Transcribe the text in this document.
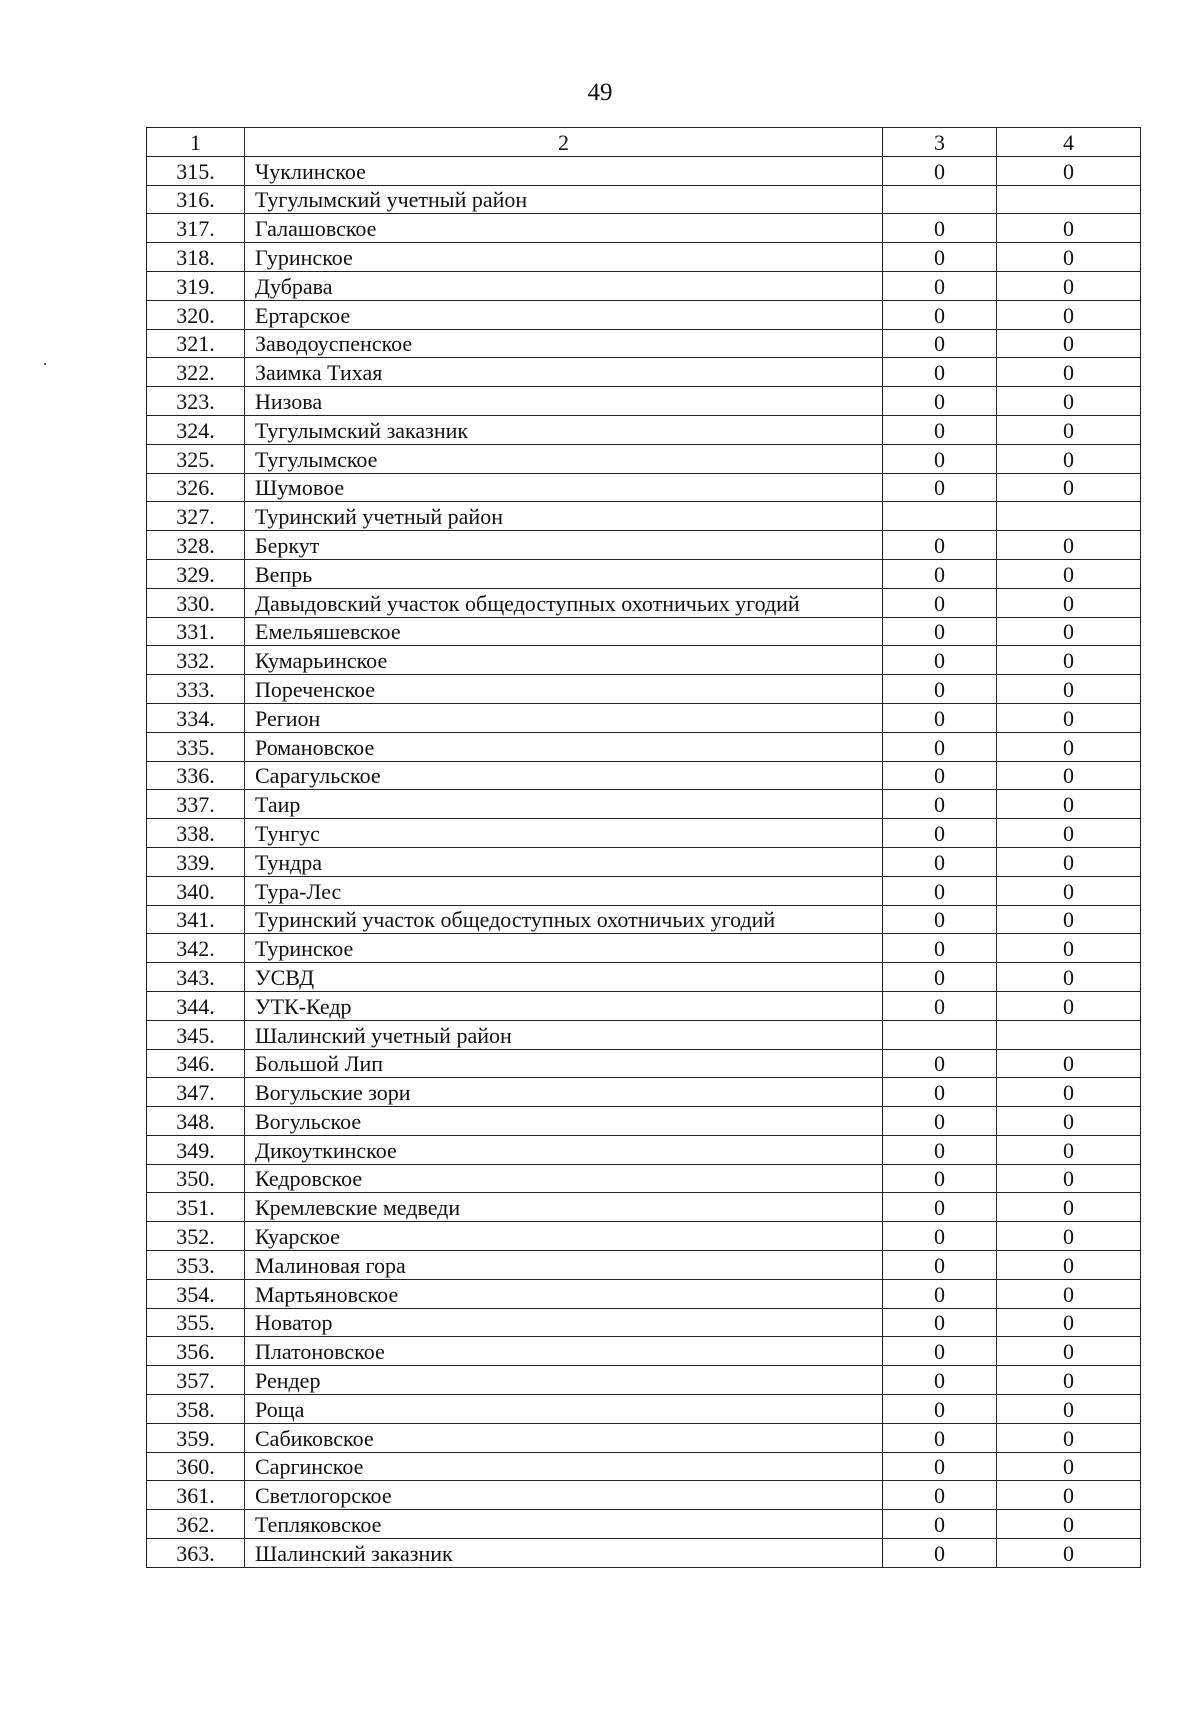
49
1	2	3	4
315.	Чуклинское	0	0
316.	Тугулымский учетный район		
317.	Галашовское	0	0
318.	Гуринское	0	0
319.	Дубрава	0	0
320.	Ертарское	0	0
321.	Заводоуспенское	0	0
322.	Заимка Тихая	0	0
323.	Низова	0	0
324.	Тугулымский заказник	0	0
325.	Тугулымское	0	0
326.	Шумовое	0	0
327.	Туринский учетный район		
328.	Беркут	0	0
329.	Вепрь	0	0
330.	Давыдовский участок общедоступных охотничьих угодий	0	0
331.	Емельяшевское	0	0
332.	Кумарьинское	0	0
333.	Пореченское	0	0
334.	Регион	0	0
335.	Романовское	0	0
336.	Сарагульское	0	0
337.	Таир	0	0
338.	Тунгус	0	0
339.	Тундра	0	0
340.	Тура-Лес	0	0
341.	Туринский участок общедоступных охотничьих угодий	0	0
342.	Туринское	0	0
343.	УСВД	0	0
344.	УТК-Кедр	0	0
345.	Шалинский учетный район		
346.	Большой Лип	0	0
347.	Вогульские зори	0	0
348.	Вогульское	0	0
349.	Дикоуткинское	0	0
350.	Кедровское	0	0
351.	Кремлевские медведи	0	0
352.	Куарское	0	0
353.	Малиновая гора	0	0
354.	Мартьяновское	0	0
355.	Новатор	0	0
356.	Платоновское	0	0
357.	Рендер	0	0
358.	Роща	0	0
359.	Сабиковское	0	0
360.	Саргинское	0	0
361.	Светлогорское	0	0
362.	Тепляковское	0	0
363.	Шалинский заказник	0	0
